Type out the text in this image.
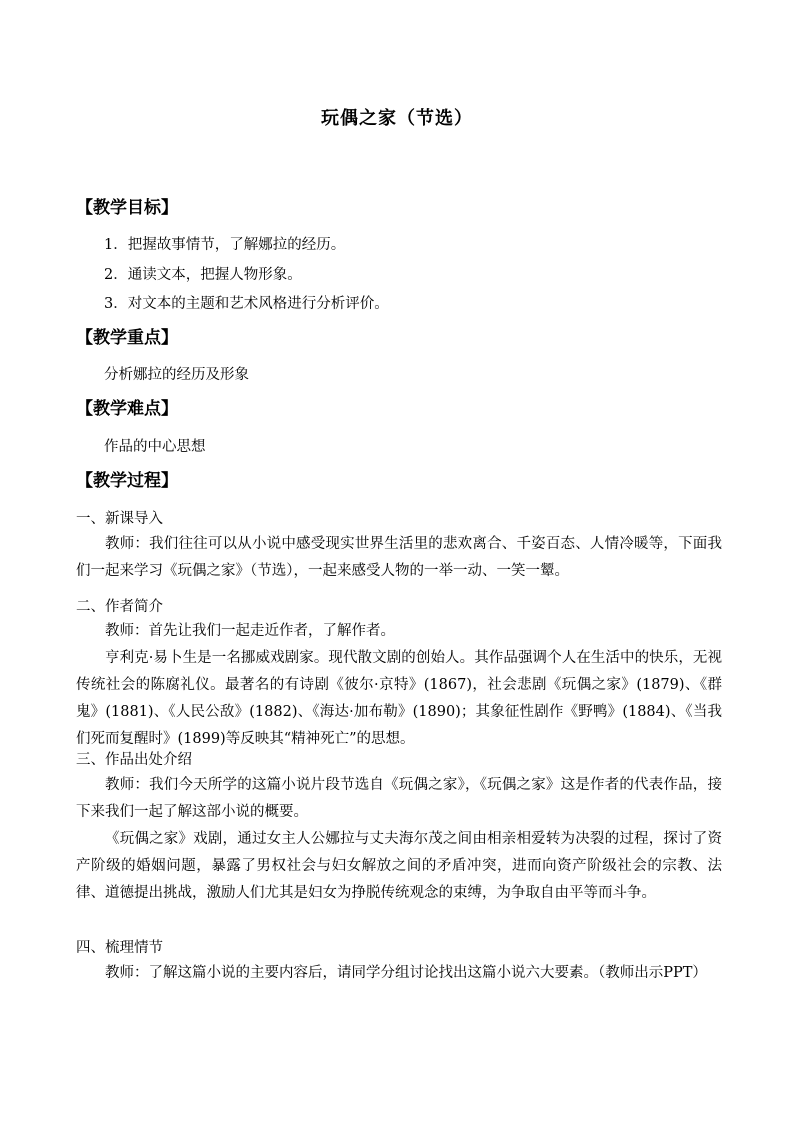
玩偶之家（节选）
【教学目标】
1．把握故事情节，了解娜拉的经历。
2．通读文本，把握人物形象。
3．对文本的主题和艺术风格进行分析评价。
【教学重点】
分析娜拉的经历及形象
【教学难点】
作品的中心思想
【教学过程】
一、新课导入
教师：我们往往可以从小说中感受现实世界生活里的悲欢离合、千姿百态、人情冷暖等，下面我们一起来学习《玩偶之家》（节选），一起来感受人物的一举一动、一笑一颦。
二、作者简介
教师：首先让我们一起走近作者，了解作者。
亨利克·易卜生是一名挪威戏剧家。现代散文剧的创始人。其作品强调个人在生活中的快乐，无视传统社会的陈腐礼仪。最著名的有诗剧《彼尔·京特》(1867)，社会悲剧《玩偶之家》(1879)、《群鬼》(1881)、《人民公敌》(1882)、《海达·加布勒》(1890)；其象征性剧作《野鸭》(1884)、《当我们死而复醒时》(1899)等反映其“精神死亡”的思想。
三、作品出处介绍
教师：我们今天所学的这篇小说片段节选自《玩偶之家》，《玩偶之家》这是作者的代表作品，接下来我们一起了解这部小说的概要。
《玩偶之家》戏剧，通过女主人公娜拉与丈夫海尔茂之间由相亲相爱转为决裂的过程，探讨了资产阶级的婚姻问题，暴露了男权社会与妇女解放之间的矛盾冲突，进而向资产阶级社会的宗教、法律、道德提出挑战，激励人们尤其是妇女为挣脱传统观念的束缚，为争取自由平等而斗争。
四、梳理情节
教师：了解这篇小说的主要内容后，请同学分组讨论找出这篇小说六大要素。（教师出示PPT）
